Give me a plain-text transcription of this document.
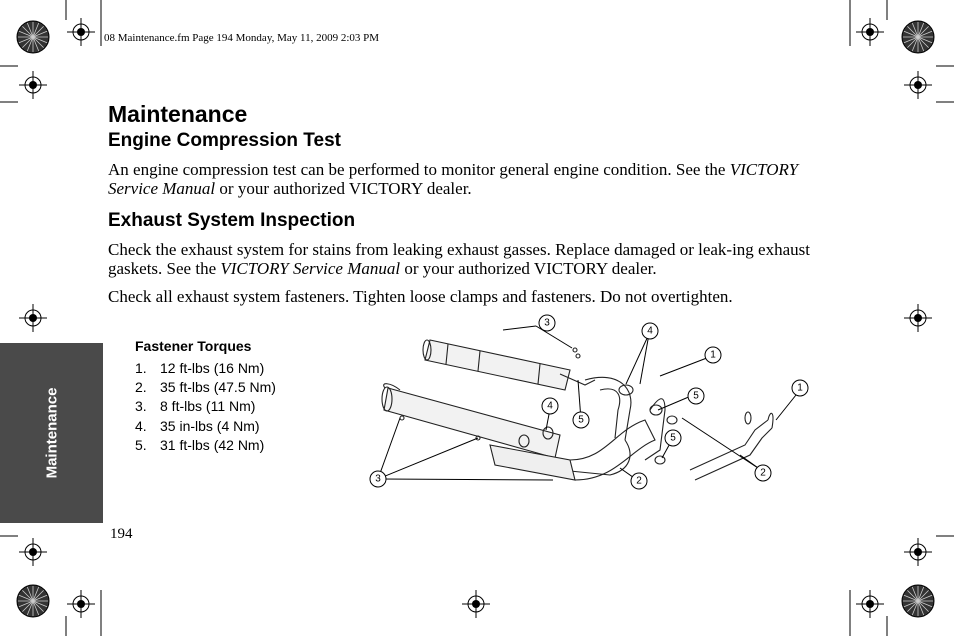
08 Maintenance.fm Page 194 Monday, May 11, 2009 2:03 PM
Maintenance
Maintenance
Engine Compression Test
An engine compression test can be performed to monitor general engine condition. See the VICTORY Service Manual or your authorized VICTORY dealer.
Exhaust System Inspection
Check the exhaust system for stains from leaking exhaust gasses. Replace damaged or leak-ing exhaust gaskets. See the VICTORY Service Manual or your authorized VICTORY dealer.
Check all exhaust system fasteners. Tighten loose clamps and fasteners. Do not overtighten.
Fastener Torques
1. 12 ft-lbs (16 Nm)
2. 35 ft-lbs (47.5 Nm)
3. 8 ft-lbs (11 Nm)
4. 35 in-lbs (4 Nm)
5. 31 ft-lbs (42 Nm)
3
4
1
1
5
4
5
5
2
2
3
194
